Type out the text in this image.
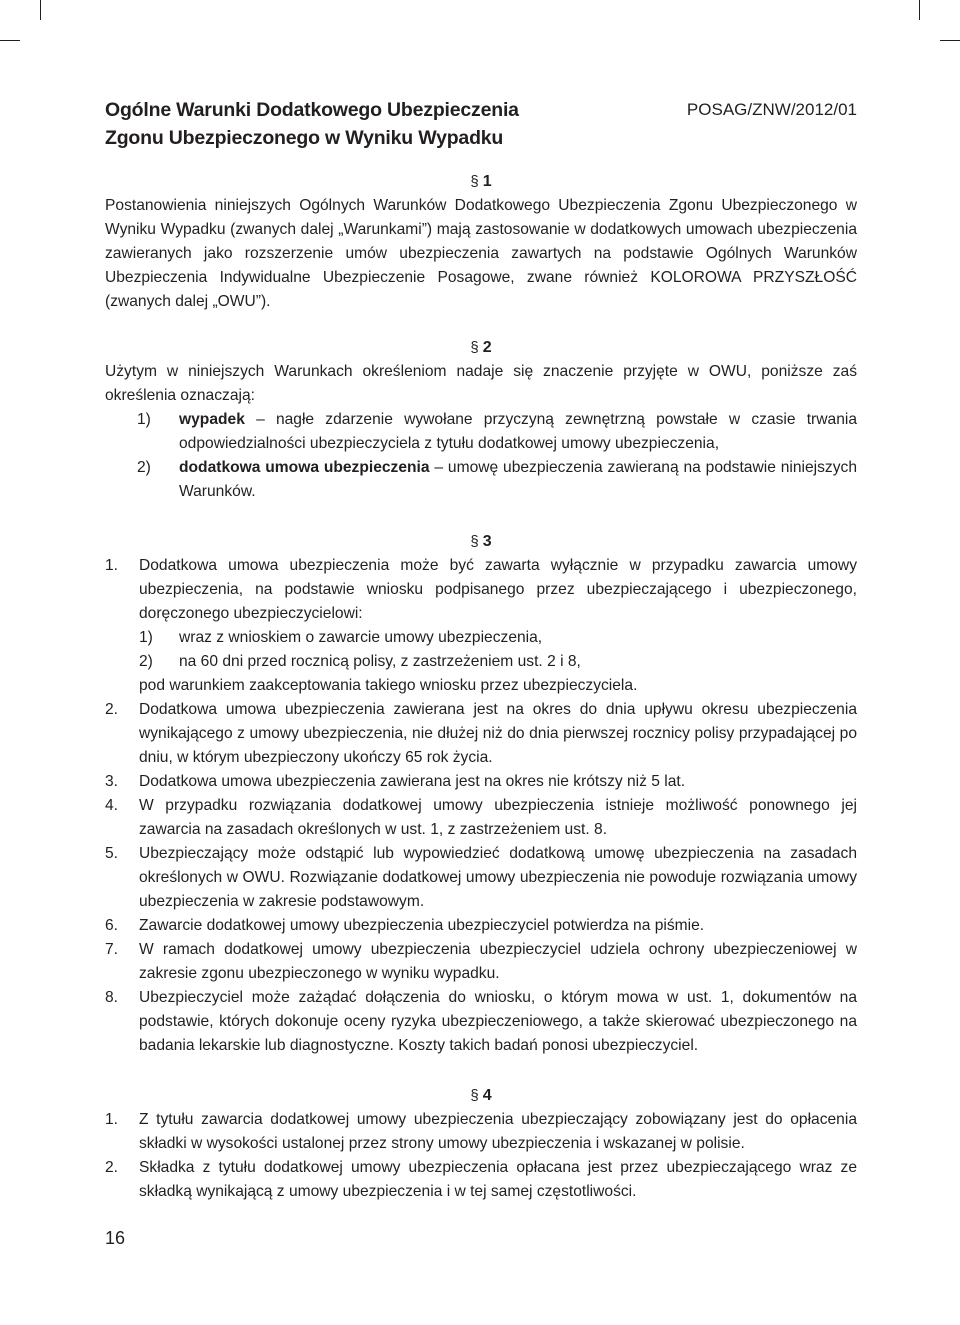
Ogólne Warunki Dodatkowego Ubezpieczenia
Zgonu Ubezpieczonego w Wyniku Wypadku
POSAG/ZNW/2012/01
§ 1

Postanowienia niniejszych Ogólnych Warunków Dodatkowego Ubezpieczenia Zgonu Ubezpieczonego w Wyniku Wypadku (zwanych dalej „Warunkami”) mają zastosowanie w dodatkowych umowach ubezpieczenia zawieranych jako rozszerzenie umów ubezpieczenia zawartych na podstawie Ogólnych Warunków Ubezpieczenia Indywidualne Ubezpieczenie Posagowe, zwane również KOLOROWA PRZYSZŁOŚĆ (zwanych dalej „OWU”).

§ 2

Użytym w niniejszych Warunkach określeniom nadaje się znaczenie przyjęte w OWU, poniższe zaś określenia oznaczają:

1) wypadek – nagłe zdarzenie wywołane przyczyną zewnętrzną powstałe w czasie trwania odpowiedzialności ubezpieczyciela z tytułu dodatkowej umowy ubezpieczenia,
2) dodatkowa umowa ubezpieczenia – umowę ubezpieczenia zawieraną na podstawie niniejszych Warunków.
§ 3
1. Dodatkowa umowa ubezpieczenia może być zawarta wyłącznie w przypadku zawarcia umowy ubezpieczenia, na podstawie wniosku podpisanego przez ubezpieczającego i ubezpieczonego, doręczonego ubezpieczycielowi:
1) wraz z wnioskiem o zawarcie umowy ubezpieczenia,
2) na 60 dni przed rocznicą polisy, z zastrzeżeniem ust. 2 i 8,
pod warunkiem zaakceptowania takiego wniosku przez ubezpieczyciela.
2. Dodatkowa umowa ubezpieczenia zawierana jest na okres do dnia upływu okresu ubezpieczenia wynikającego z umowy ubezpieczenia, nie dłużej niż do dnia pierwszej rocznicy polisy przypadającej po dniu, w którym ubezpieczony ukończy 65 rok życia.
3. Dodatkowa umowa ubezpieczenia zawierana jest na okres nie krótszy niż 5 lat.
4. W przypadku rozwiązania dodatkowej umowy ubezpieczenia istnieje możliwość ponownego jej zawarcia na zasadach określonych w ust. 1, z zastrzeżeniem ust. 8.
5. Ubezpieczający może odstąpić lub wypowiedzieć dodatkową umowę ubezpieczenia na zasadach określonych w OWU. Rozwiązanie dodatkowej umowy ubezpieczenia nie powoduje rozwiązania umowy ubezpieczenia w zakresie podstawowym.
6. Zawarcie dodatkowej umowy ubezpieczenia ubezpieczyciel potwierdza na piśmie.
7. W ramach dodatkowej umowy ubezpieczenia ubezpieczyciel udziela ochrony ubezpieczeniowej w zakresie zgonu ubezpieczonego w wyniku wypadku.
8. Ubezpieczyciel może zażądać dołączenia do wniosku, o którym mowa w ust. 1, dokumentów na podstawie, których dokonuje oceny ryzyka ubezpieczeniowego, a także skierować ubezpieczonego na badania lekarskie lub diagnostyczne. Koszty takich badań ponosi ubezpieczyciel.
§ 4
1. Z tytułu zawarcia dodatkowej umowy ubezpieczenia ubezpieczający zobowiązany jest do opłacenia składki w wysokości ustalonej przez strony umowy ubezpieczenia i wskazanej w polisie.
2. Składka z tytułu dodatkowej umowy ubezpieczenia opłacana jest przez ubezpieczającego wraz ze składką wynikającą z umowy ubezpieczenia i w tej samej częstotliwości.
16
